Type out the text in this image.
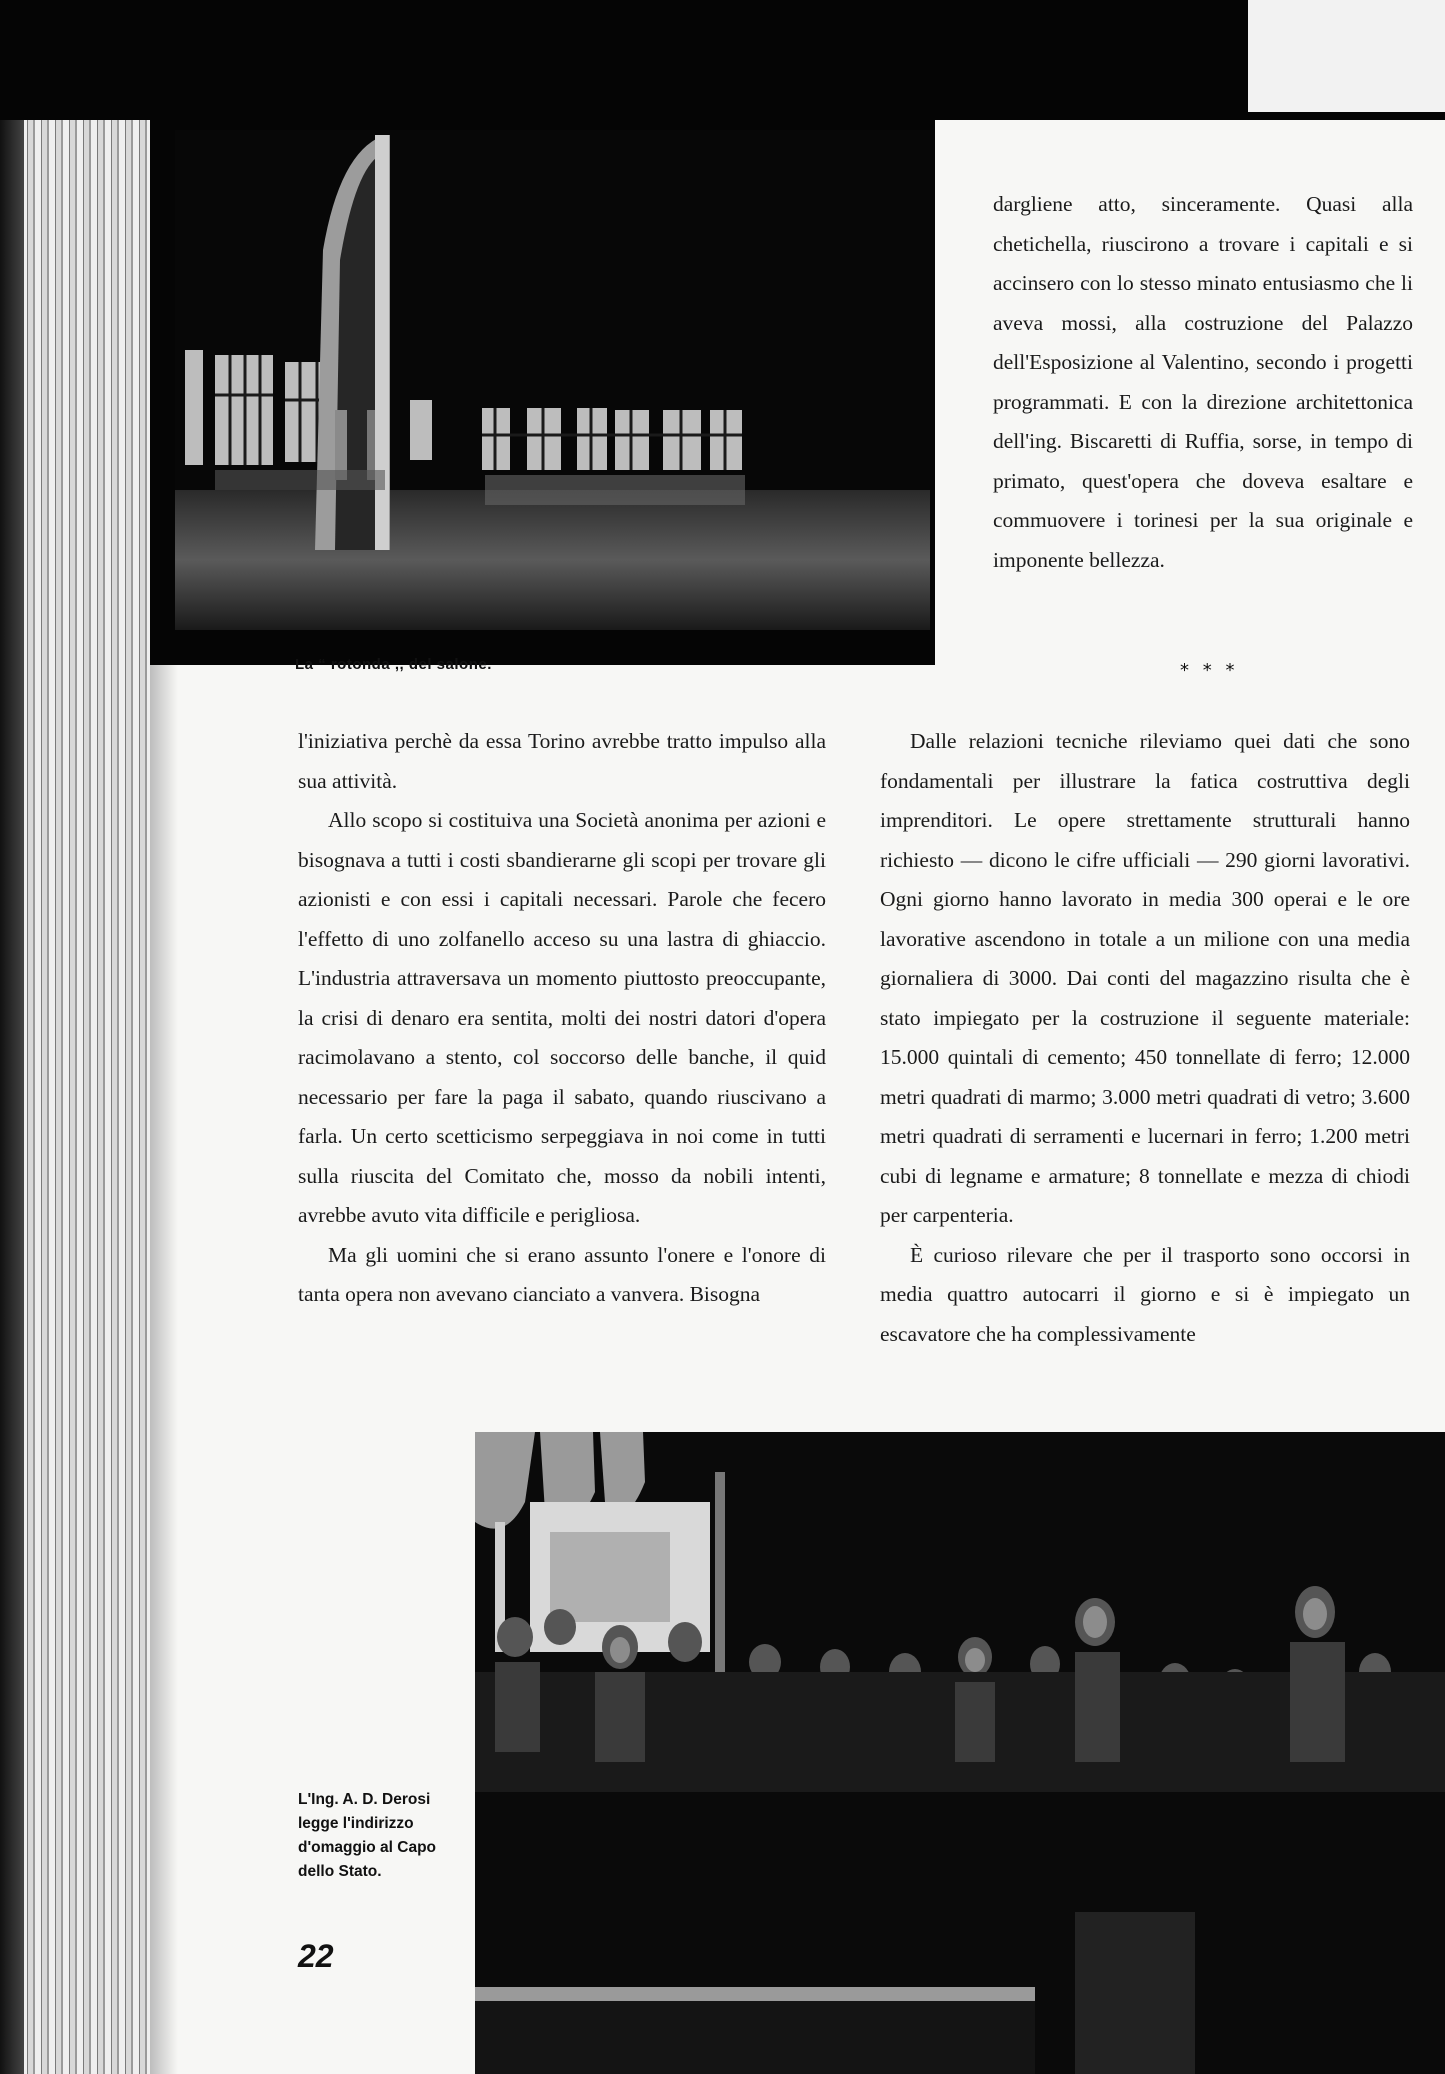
La “ rotonda ,, del salone.

dargliene atto, sinceramente. Quasi alla chetichella, riuscirono a trovare i capitali e si accinsero con lo stesso minato entusiasmo che li aveva mossi, alla costruzione del Palazzo dell'Esposizione al Valentino, secondo i progetti programmati. E con la direzione architettonica dell'ing. Biscaretti di Ruffia, sorse, in tempo di primato, quest'opera che doveva esaltare e commuovere i torinesi per la sua originale e imponente bellezza.

* * *

l'iniziativa perchè da essa Torino avrebbe tratto impulso alla sua attività.

Allo scopo si costituiva una Società anonima per azioni e bisognava a tutti i costi sbandierarne gli scopi per trovare gli azionisti e con essi i capitali necessari. Parole che fecero l'effetto di uno zolfanello acceso su una lastra di ghiaccio. L'industria attraversava un momento piuttosto preoccupante, la crisi di denaro era sentita, molti dei nostri datori d'opera racimolavano a stento, col soccorso delle banche, il quid necessario per fare la paga il sabato, quando riuscivano a farla. Un certo scetticismo serpeggiava in noi come in tutti sulla riuscita del Comitato che, mosso da nobili intenti, avrebbe avuto vita difficile e perigliosa.

Ma gli uomini che si erano assunto l'onere e l'onore di tanta opera non avevano cianciato a vanvera. Bisogna

Dalle relazioni tecniche rileviamo quei dati che sono fondamentali per illustrare la fatica costruttiva degli imprenditori. Le opere strettamente strutturali hanno richiesto — dicono le cifre ufficiali — 290 giorni lavorativi. Ogni giorno hanno lavorato in media 300 operai e le ore lavorative ascendono in totale a un milione con una media giornaliera di 3000. Dai conti del magazzino risulta che è stato impiegato per la costruzione il seguente materiale: 15.000 quintali di cemento; 450 tonnellate di ferro; 12.000 metri quadrati di marmo; 3.000 metri quadrati di vetro; 3.600 metri quadrati di serramenti e lucernari in ferro; 1.200 metri cubi di legname e armature; 8 tonnellate e mezza di chiodi per carpenteria.

È curioso rilevare che per il trasporto sono occorsi in media quattro autocarri il giorno e si è impiegato un escavatore che ha complessivamente

L'Ing. A. D. Derosi legge l'indirizzo d'omaggio al Capo dello Stato.
22
